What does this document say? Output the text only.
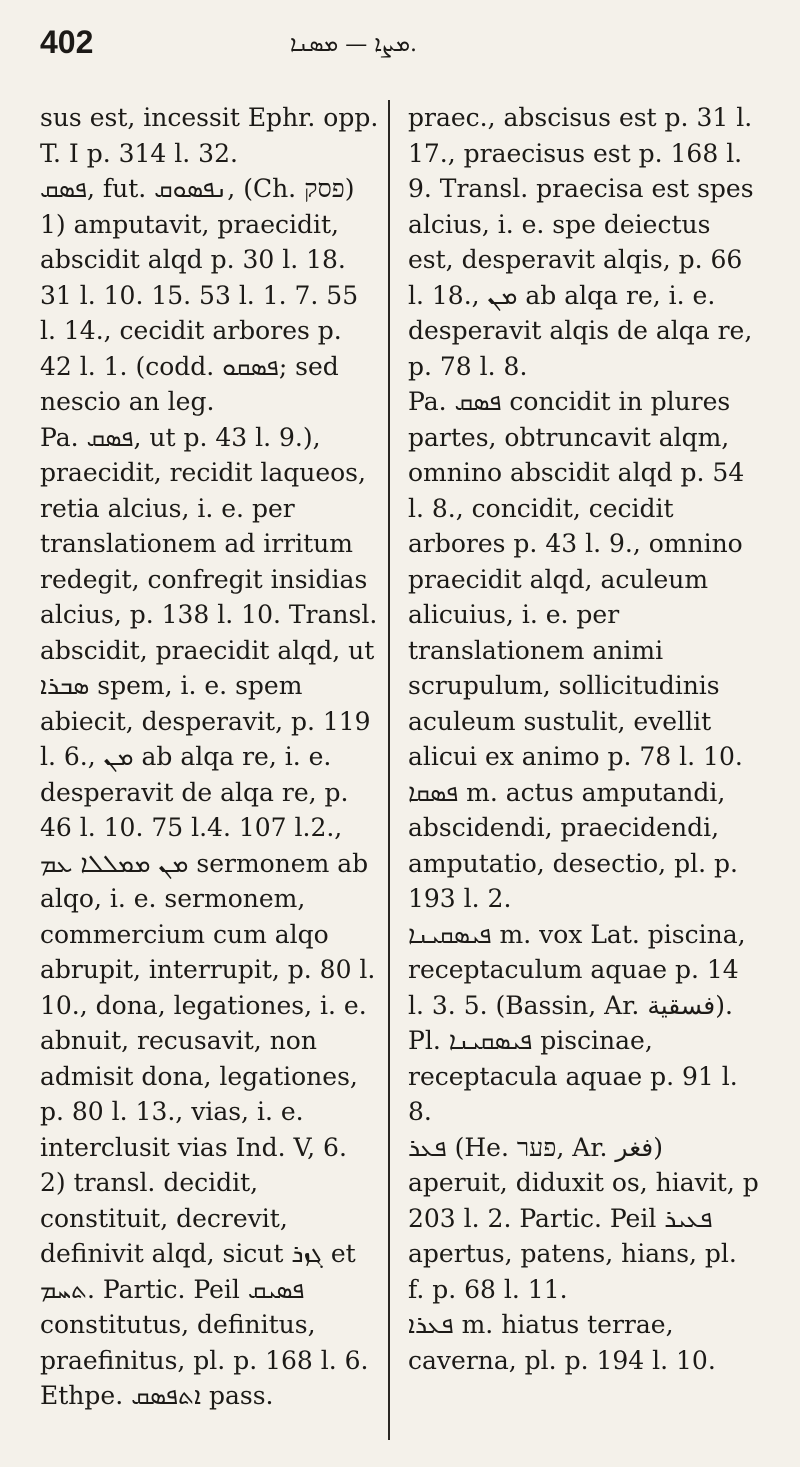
402	.ܡܨܐ — ܡܣܢܐ
sus est, incessit Ephr. opp. T. I p. 314 l. 32.
ܦܣܩ, fut. ܢܦܣܘܩ, (Ch. פסק) 1) amputavit, praecidit, abscidit alqd p. 30 l. 18. 31 l. 10. 15. 53 l. 1. 7. 55 l. 14., cecidit arbores p. 42 l. 1. (codd. ܦܣܩܘ; sed nescio an leg.
Pa. ܦܣܩ, ut p. 43 l. 9.), praecidit, recidit laqueos, retia alcius, i. e. per translationem ad irritum redegit, confregit insidias alcius, p. 138 l. 10. Transl. abscidit, praecidit alqd, ut ܣܒܪܐ spem, i. e. spem abiecit, desperavit, p. 119 l. 6., ܡܢ ab alqa re, i. e. desperavit de alqa re, p. 46 l. 10. 75 l.4. 107 l.2., ܡܢ ܡܡܠܠܐ ܥܡ sermonem ab alqo, i. e. sermonem, commercium cum alqo abrupit, interrupit, p. 80 l. 10., dona, legationes, i. e. abnuit, recusavit, non admisit dona, legationes, p. 80 l. 13., vias, i. e. interclusit vias Ind. V, 6. 2) transl. decidit, constituit, decrevit, definivit alqd, sicut ܓܙܪ et ܬܚܡ. Partic. Peil ܦܣܝܩ constitutus, definitus, praefinitus, pl. p. 168 l. 6. Ethpe. ܐܬܦܣܩ pass.
praec., abscisus est p. 31 l. 17., praecisus est p. 168 l. 9. Transl. praecisa est spes alcius, i. e. spe deiectus est, desperavit alqis, p. 66 l. 18., ܡܢ ab alqa re, i. e. desperavit alqis de alqa re, p. 78 l. 8.
Pa. ܦܣܩ concidit in plures partes, obtruncavit alqm, omnino abscidit alqd p. 54 l. 8., concidit, cecidit arbores p. 43 l. 9., omnino praecidit alqd, aculeum alicuius, i. e. per translationem animi scrupulum, sollicitudinis aculeum sustulit, evellit alicui ex animo p. 78 l. 10.
ܦܣܩܐ m. actus amputandi, abscidendi, praecidendi, amputatio, desectio, pl. p. 193 l. 2.
ܦܝܣܩܝܢܐ m. vox Lat. piscina, receptaculum aquae p. 14 l. 3. 5. (Bassin, Ar. فسقية).
Pl. ܦܝܣܩܝܢܐ piscinae, receptacula aquae p. 91 l. 8.
ܦܥܪ (He. פער, Ar. فغر) aperuit, diduxit os, hiavit, p 203 l. 2. Partic. Peil ܦܥܝܪ apertus, patens, hians, pl. f. p. 68 l. 11.
ܦܥܪܐ m. hiatus terrae, caverna, pl. p. 194 l. 10.
